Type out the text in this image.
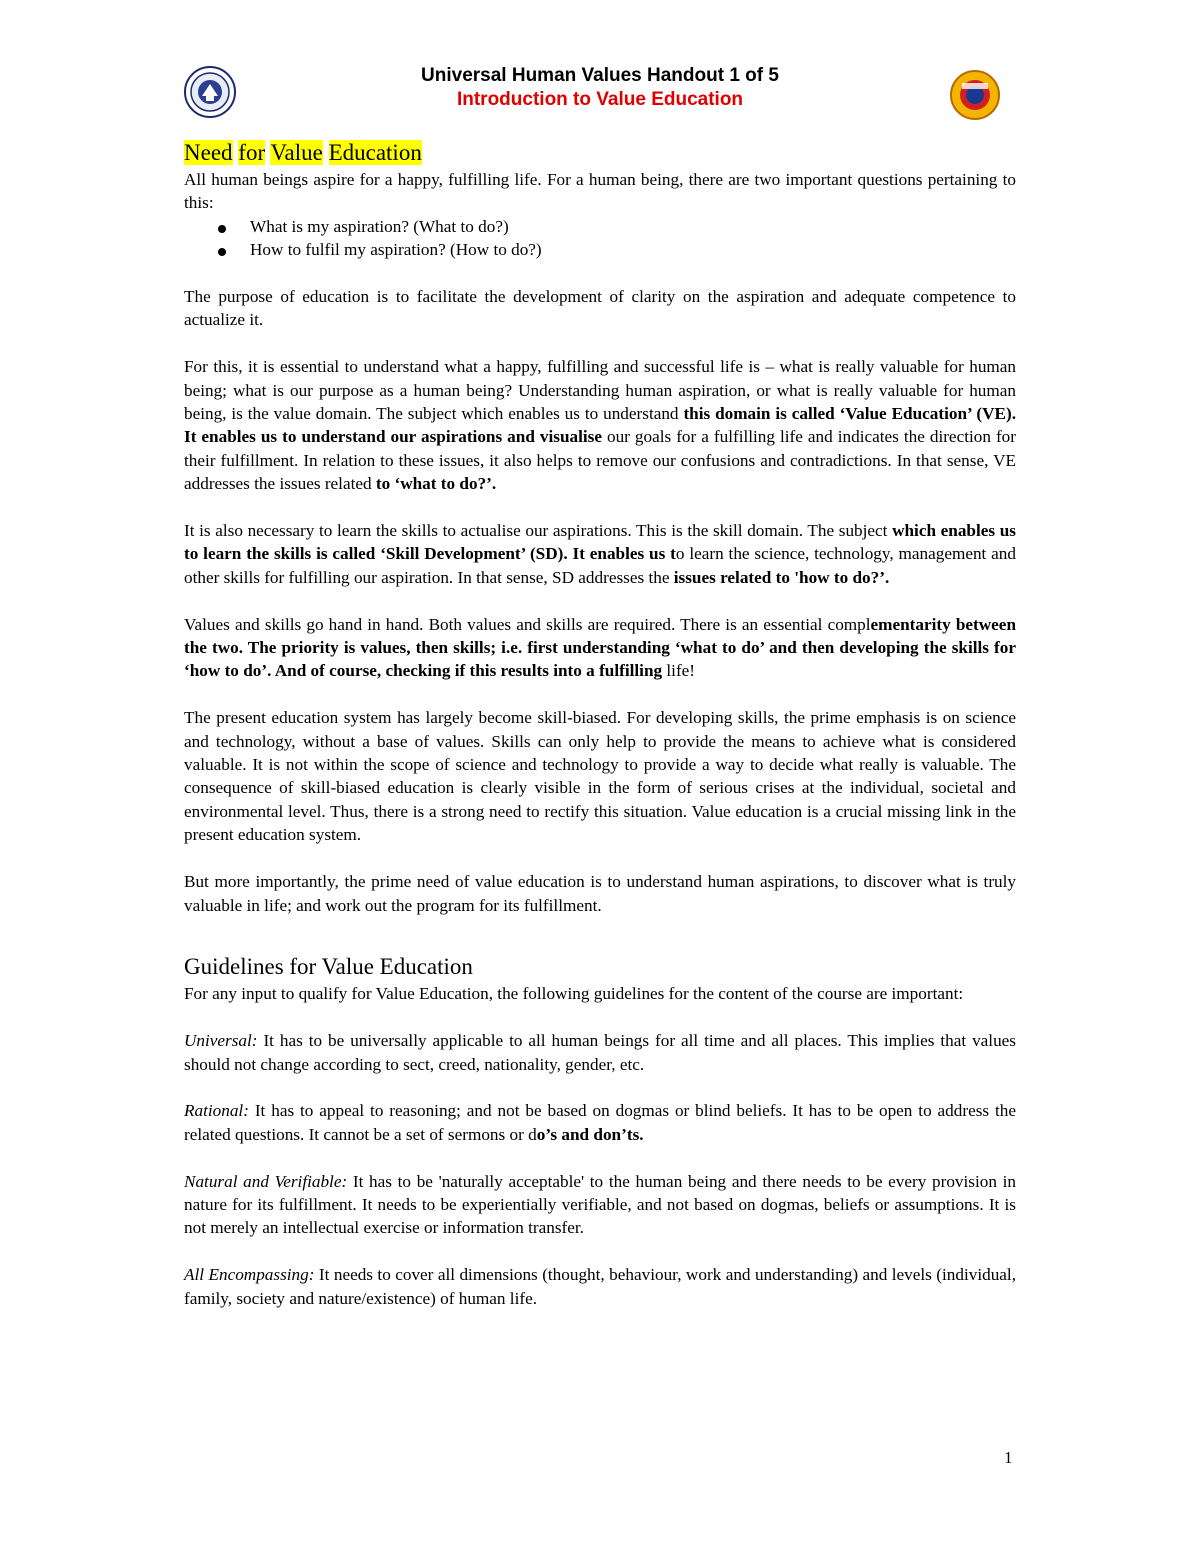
Universal Human Values Handout 1 of 5
Introduction to Value Education
Need for Value Education

All human beings aspire for a happy, fulfilling life. For a human being, there are two important questions pertaining to this:

What is my aspiration? (What to do?)
How to fulfil my aspiration? (How to do?)

The purpose of education is to facilitate the development of clarity on the aspiration and adequate competence to actualize it.

For this, it is essential to understand what a happy, fulfilling and successful life is – what is really valuable for human being; what is our purpose as a human being? Understanding human aspiration, or what is really valuable for human being, is the value domain. The subject which enables us to understand this domain is called ‘Value Education’ (VE). It enables us to understand our aspirations and visualise our goals for a fulfilling life and indicates the direction for their fulfillment. In relation to these issues, it also helps to remove our confusions and contradictions. In that sense, VE addresses the issues related to ‘what to do?’.

It is also necessary to learn the skills to actualise our aspirations. This is the skill domain. The subject which enables us to learn the skills is called ‘Skill Development’ (SD). It enables us to learn the science, technology, management and other skills for fulfilling our aspiration. In that sense, SD addresses the issues related to 'how to do?’.

Values and skills go hand in hand. Both values and skills are required. There is an essential complementarity between the two. The priority is values, then skills; i.e. first understanding ‘what to do’ and then developing the skills for ‘how to do’. And of course, checking if this results into a fulfilling life!

The present education system has largely become skill-biased. For developing skills, the prime emphasis is on science and technology, without a base of values. Skills can only help to provide the means to achieve what is considered valuable. It is not within the scope of science and technology to provide a way to decide what really is valuable. The consequence of skill-biased education is clearly visible in the form of serious crises at the individual, societal and environmental level. Thus, there is a strong need to rectify this situation. Value education is a crucial missing link in the present education system.

But more importantly, the prime need of value education is to understand human aspirations, to discover what is truly valuable in life; and work out the program for its fulfillment.

Guidelines for Value Education

For any input to qualify for Value Education, the following guidelines for the content of the course are important:

Universal: It has to be universally applicable to all human beings for all time and all places. This implies that values should not change according to sect, creed, nationality, gender, etc.

Rational: It has to appeal to reasoning; and not be based on dogmas or blind beliefs. It has to be open to address the related questions. It cannot be a set of sermons or do’s and don’ts.

Natural and Verifiable: It has to be 'naturally acceptable' to the human being and there needs to be every provision in nature for its fulfillment. It needs to be experientially verifiable, and not based on dogmas, beliefs or assumptions. It is not merely an intellectual exercise or information transfer.

All Encompassing: It needs to cover all dimensions (thought, behaviour, work and understanding) and levels (individual, family, society and nature/existence) of human life.

1
